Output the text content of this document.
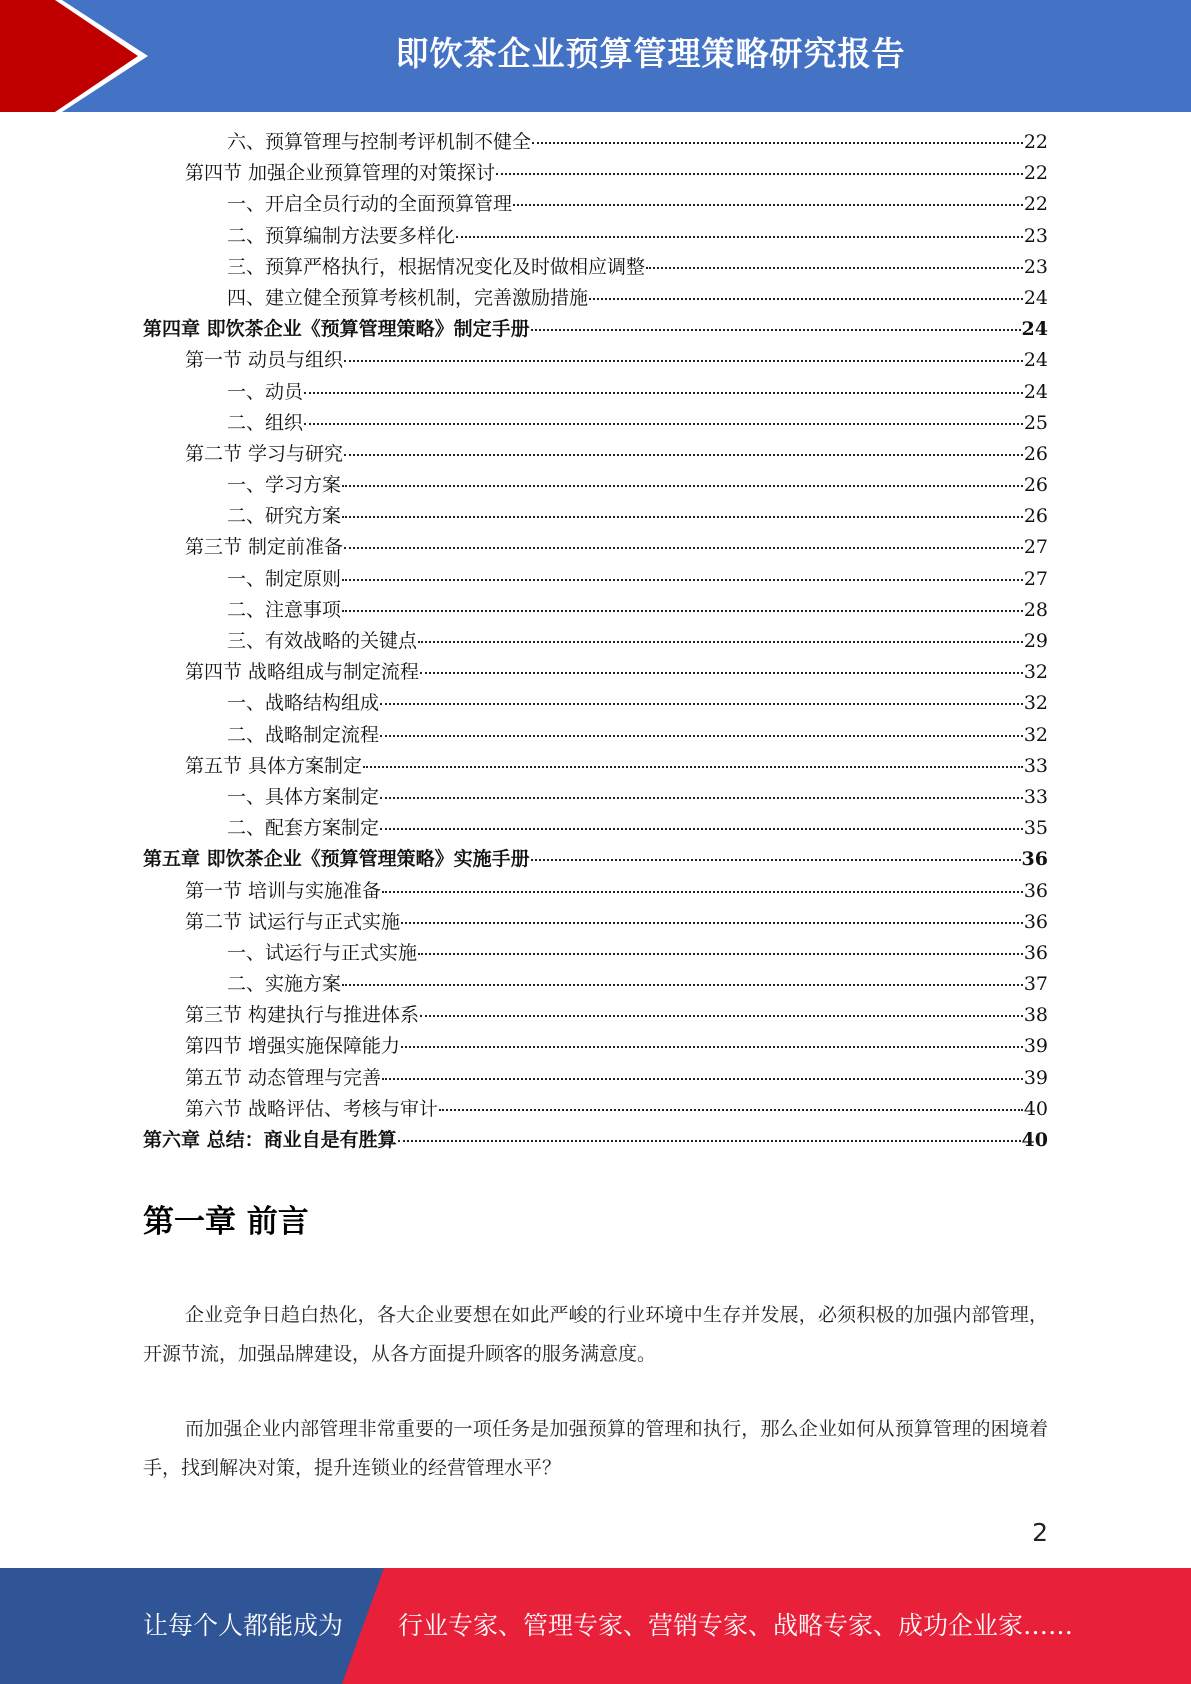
即饮茶企业预算管理策略研究报告
六、预算管理与控制考评机制不健全	22
第四节 加强企业预算管理的对策探讨	22
一、开启全员行动的全面预算管理	22
二、预算编制方法要多样化	23
三、预算严格执行，根据情况变化及时做相应调整	23
四、建立健全预算考核机制，完善激励措施	24
第四章 即饮茶企业《预算管理策略》制定手册	24
第一节 动员与组织	24
一、动员	24
二、组织	25
第二节 学习与研究	26
一、学习方案	26
二、研究方案	26
第三节 制定前准备	27
一、制定原则	27
二、注意事项	28
三、有效战略的关键点	29
第四节 战略组成与制定流程	32
一、战略结构组成	32
二、战略制定流程	32
第五节 具体方案制定	33
一、具体方案制定	33
二、配套方案制定	35
第五章 即饮茶企业《预算管理策略》实施手册	36
第一节 培训与实施准备	36
第二节 试运行与正式实施	36
一、试运行与正式实施	36
二、实施方案	37
第三节 构建执行与推进体系	38
第四节 增强实施保障能力	39
第五节 动态管理与完善	39
第六节 战略评估、考核与审计	40
第六章 总结：商业自是有胜算	40
第一章 前言
企业竞争日趋白热化，各大企业要想在如此严峻的行业环境中生存并发展，必须积极的加强内部管理，开源节流，加强品牌建设，从各方面提升顾客的服务满意度。
而加强企业内部管理非常重要的一项任务是加强预算的管理和执行，那么企业如何从预算管理的困境着手，找到解决对策，提升连锁业的经营管理水平？
2
让每个人都能成为 行业专家、管理专家、营销专家、战略专家、成功企业家……
